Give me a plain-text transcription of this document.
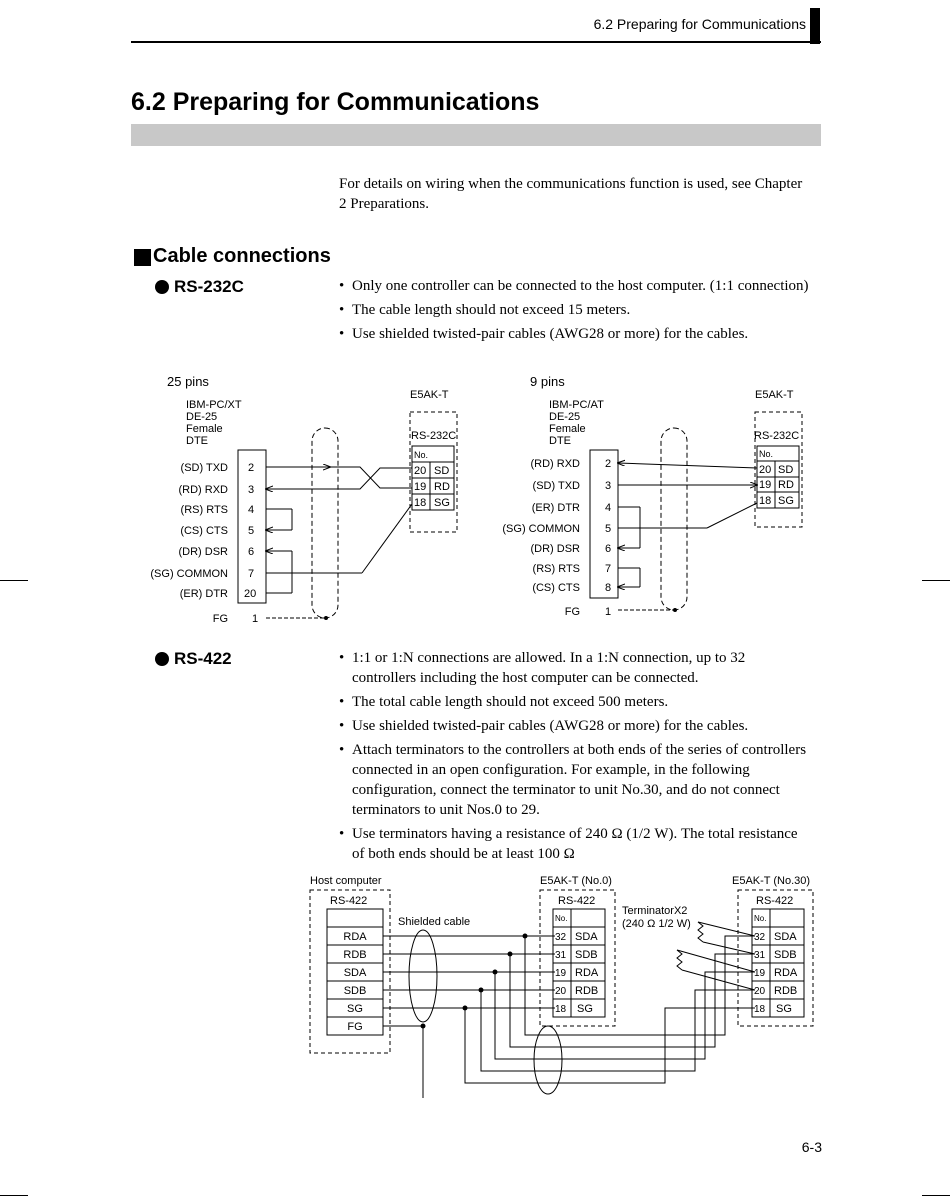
6.2 Preparing for Communications
6.2 Preparing for Communications
For details on wiring when the communications function is used, see Chapter 2 Preparations.
Cable connections
RS-232C	• Only one controller can be connected to the host computer. (1:1 connection)
• The cable length should not exceed 15 meters.
• Use shielded twisted-pair cables (AWG28 or more) for the cables.
25 pins
IBM-PC/XT
DE-25
Female
DTE
(SD) TXD
(RD) RXD
(RS) RTS
(CS) CTS
(DR) DSR
(SG) COMMON
(ER) DTR
FG
2
3
4
5
6
7
20
1
E5AK-T
RS-232C
No.
20 SD
19 RD
18 SG
9 pins
IBM-PC/AT
DE-25
Female
DTE
(RD) RXD
(SD) TXD
(ER) DTR
(SG) COMMON
(DR) DSR
(RS) RTS
(CS) CTS
FG
2
3
4
5
6
7
8
1
E5AK-T
RS-232C
No.
20 SD
19 RD
18 SG
RS-422	• 1:1 or 1:N connections are allowed. In a 1:N connection, up to 32 controllers including the host computer can be connected.
• The total cable length should not exceed 500 meters.
• Use shielded twisted-pair cables (AWG28 or more) for the cables.
• Attach terminators to the controllers at both ends of the series of controllers connected in an open configuration. For example, in the following configuration, connect the terminator to unit No.30, and do not connect terminators to unit Nos.0 to 29.
• Use terminators having a resistance of 240 Ω (1/2 W). The total resistance of both ends should be at least 100 Ω
Host computer
RS-422
RDA
RDB
SDA
SDB
SG
FG
Shielded cable
E5AK-T (No.0)
RS-422
No.
32
31
19
20
18
SDA
SDB
RDA
RDB
SG
TerminatorX2
(240 Ω 1/2 W)
E5AK-T (No.30)
RS-422
No.
32
31
19
20
18
SDA
SDB
RDA
RDB
SG
6-3
